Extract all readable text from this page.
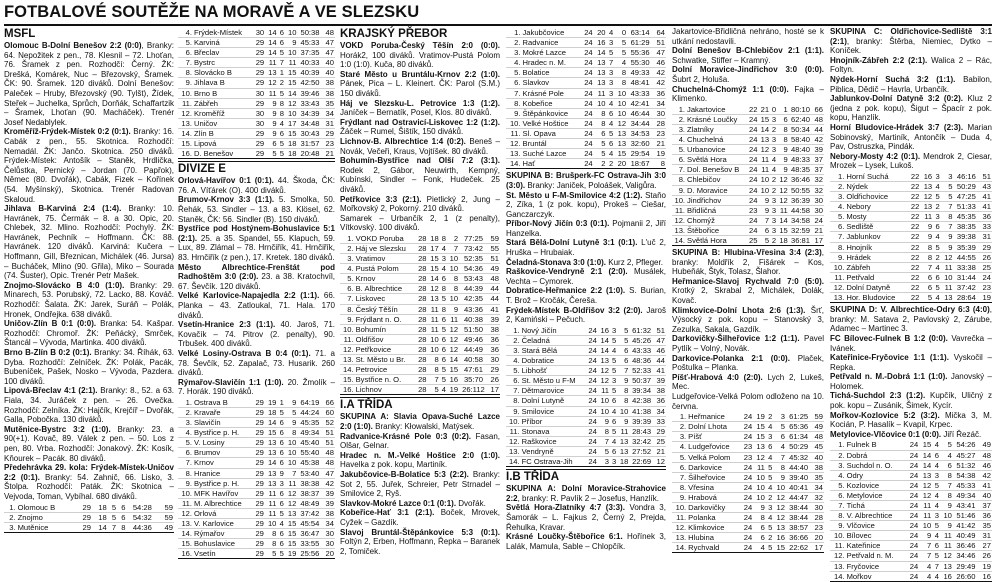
FOTBALOVÉ SOUTĚŽE NA MORAVĚ A VE SLEZSKU
MSFL

Olomouc B-Dolní Benešov 2:2 (0:0), Branky: 64. Nepožitek z pen., 78. Klesnil – 72. Lhoťan, 76. Šramek z pen. Rozhodčí: Černý. ŽK: Drešká, Komárek, Nuc – Březovský, Šramek. ČK: 90. Šramek. 120 diváků. Dolní Benešov: Paleček – Hruby, Březovský (90. Tylšt), Žídek, Steřek – Juchelka, Sprůch, Dorňák, Schaffartzik – Šramek, Lhoťan (90. Macháček). Trenér Josef Nedablylek.

Kroměříž-Frýdek-Místek 0:2 (0:1). Branky: 16. Cabák z pen., 55. Skotnica. Rozhodčí: Nemadál. ŽK: Jančo. Skotnica. 250 diváků. Frýdek-Místek: Antošík – Staněk, Hrdlička, Čelůstka, Pernický – Jordan (70. Papřok), Němec (80. Dvořák), Cabák, Fizek – Kořínek (54. Myšínský), Skotnica. Trenér Radovan Skaloud.

Jihlava B-Karviná 2:4 (1:4). Branky: 10. Havránek, 75. Čermák – 8. a 30. Opic, 20. Chlebek, 32. Mlino. Rozhodčí: Pochylý. ŽK: Havránek, Pechník – Hoffmann. ČK: 88. Havránek. 120 diváků. Karviná: Kučera – Hoffmann, Gill, Březnican, Michálek (46. Jursa) – Bucháček, Mlino (90. Gřila), Miko – Sourada (74. Šuster), Opic. Trenér Petr Mašek.

Znojmo-Slovácko B 4:0 (1:0). Branky: 29. Minarech, 53. Porubský, 72. Lacko, 88. Kováč. Rozhodčí: Šalata. ŽK: Jarek, Suráň – Polák, Hronek, Ondřejka. 638 diváků.

Uničov-Zlín B 0:1 (0:0). Branka: 54. Kašpar. Rozhodčí: Chromoř. ŽK: Peňácký, Smrček, Štancál – Vývoda, Martinka. 400 diváků.

Brno B-Zlín B 0:2 (0:1). Branky: 34. Říhák, 63. Dyba. Rozhodčí: Zelníček. ŽK: Polák, Pacák, Bubeníček, Pašek, Nosko – Vývoda, Pazdera. 100 diváků.

Lipová-Břeclav 4:1 (2:1). Branky: 8., 52. a 63. Fiala, 34. Juráček z pen. – 26. Ovečka. Rozhodčí: Zelníka. ŽK: Hajčík, Krejčíř – Dvořák, Galla, Pobočka. 130 diváků.

Mutěnice-Bystrc 3:2 (1:0). Branky: 23. a 90(+1). Kovač, 89. Válek z pen. – 50. Los z pen, 80. Vrba. Rozhodčí: Jonakový. ŽK: Kosík, Kňourek – Pacák. 80 diváků.

Předehrávka 29. kola: Frýdek-Místek-Uničov 2:2 (0:1). Branky: 54. Zahnič, 66. Lisko, 3. Štolpa. Rozhodčí: Paták. ŽK: Skotnica – Vejvoda, Toman, Vybíhal. 680 diváků.

1.	Olomouc B	29	18	5	6	54:28	59
2.	Znojmo	29	18	5	6	54:32	59
3.	Mutěnice	29	14	7	8	44:36	49
4.	Frýdek-Místek	30	14	6	10	50:38	48
5.	Karviná	29	14	6	9	45:33	47
6.	Břeclav	29	14	5	10	37:35	47
7.	Bystrc	29	11	7	11	40:33	40
8.	Slovácko B	29	13	1	15	40:39	40
9.	Jihlava B	29	12	2	15	42:50	38
10.	Brno B	30	11	5	14	39:46	38
11.	Zábřeh	29	9	8	12	33:43	35
12.	Kroměříž	30	9	8	10	34:39	34
13.	Uničov	30	9	4	17	34:48	31
14.	Zlín B	29	9	6	15	30:43	29
15.	Lipová	29	6	5	18	31:57	23
16.	D. Benešov	29	5	5	18	20:48	21
DIVIZE E

Orlová-Havířov 0:1 (0:1). 44. Škoda, ČK: 76. A. Víťárek (O). 400 diváků.

Brumov-Krnov 3:3 (1:1). 5. Smolka, 50. Řehák, 53. Sindler – 13. a 83. Klösel, 62. Staněk, ČK: 56. Sindler (B). 150 diváků.

Bystřice pod Hostýnem-Bohuslavice 5:1 (2:1). 25. a 35. Spandel, 55. Klapuch, 59. Lux, 89. Zlámal – 78. Hrnčiřík, 41. Hrnčiřík, 83. Hrnčiřík (z pen.), 17. Kretek. 180 diváků.

Město Albrechtice-Frenštát pod Radhoštěm 3:0 (2:0). 23. a 38. Kratochvíl, 67. Ševčík. 120 diváků.

Velké Karlovice-Napajedla 2:2 (1:1). 66. Planka – 43. Zatloukal, 71. Hala. 170 diváků.

Vsetín-Hranice 2:3 (1:1). 40. Jaroš, 71. Kovačík – 74. Pitrov (2. penalty), 90. Trbušek. 400 diváků.

Velké Losiny-Ostrava B 0:4 (0:1). 71. a 78. Ševčík, 52. Zapalač, 73. Husarik. 260 diváků.

Rýmařov-Slavičín 1:1 (1:0). 20. Žmolík – 7. Horák. 190 diváků.

1.	Ostrava B	29	19	1	9	64:19	66
2.	Kravaře	29	18	5	5	44:24	60
3.	Slavičín	29	14	6	9	45:35	52
4.	Bystřice p. H.	29	15	6	8	49:34	51
5.	V. Losiny	29	13	6	10	45:40	51
6.	Brumov	29	13	6	10	55:40	48
7.	Krnov	29	14	6	10	45:38	48
8.	Hranice	29	13	9	7	53:40	47
9.	Bystřice p. H.	29	13	3	11	38:38	42
10.	MFK Havířov	29	11	6	12	38:37	39
11.	M. Albrechtice	29	11	6	12	48:49	39
12.	Orlová	29	11	5	13	37:42	38
13.	V. Karlovice	29	10	4	15	45:54	34
14.	Rýmařov	29	8	6	15	36:47	30
15.	Bohuslavice	29	8	6	15	33:55	30
16.	Vsetín	29	5	5	19	25:56	20
KRAJSKÝ PŘEBOR

VOKD Poruba-Český Těšín 2:0 (0:0). Horák2, 100 diváků. Vratimov-Pustá Polom 1:0 (1:0). Kuča, 80 diváků.

Staré Město u Bruntálu-Krnov 2:2 (1:0). Pánek, Pica – L. Kleinert. ČK: Parol (S.M.) 150 diváků.

Háj ve Slezsku-L. Petrovice 1:3 (1:2). Janíček – Bernatík, Posel, Klos. 80 diváků.

Frýdlant nad Ostravicí-Liskovec 1:2 (1:2). Žáček – Rumel, Šištík, 150 diváků.

Lichnov-B. Albrechtice 1:4 (0:2). Beneš – Novák, Večeři, Kraus, Vojtíšek. 80 diváků.

Bohumín-Bystřice nad Olší 7:2 (3:1). Rodek 2, Gábor, Neuwirth, Kempný, Kubínski, Sindler – Fonk, Hudeček. 25 diváků.

Petřkovice 3:3 (2:1). Pietlický 2, Jung – Mořkovský 2, Pokorný. 210 diváků.

Samarek – Urbančík 2, 1 (z penalty), Vítkovský. 100 diváků.

1.	VOKD Poruba	28	18	8	2	77:25	59
2.	Háj ve Slezsku	28	17	4	7	73:42	55
3.	Vratimov	28	15	3	10	52:35	51
4.	Pustá Polom	28	15	4	10	54:36	49
5.	Krnov	28	14	6	8	53:43	48
6.	B. Albrechtice	28	12	8	8	44:39	44
7.	Liskovec	28	13	5	10	42:35	44
8.	Český Těšín	28	11	8	9	43:36	41
9.	Frýdlant n. O.	28	11	6	11	40:38	39
10.	Bohumín	28	11	5	12	51:50	38
11.	Oldřišov	28	10	6	12	49:46	36
12.	Petřkovice	28	10	6	12	44:49	36
13.	St. Město u Br.	28	8	6	14	40:58	30
14.	Petrovice	28	8	5	15	47:61	29
15.	Bystřice n. O.	28	7	5	16	35:70	26
16.	Lichnov	28	5	4	19	26:112	17
I.A TŘÍDA

SKUPINA A: Slavia Opava-Suché Lazce 2:0 (1:0). Branky: Kłowalski, Matýsek.

Radvanice-Krásné Pole 0:3 (0:2). Fasan, Olšar, Gelnar.

Hradec n. M.-Velké Hoštice 2:0 (1:0). Havelka z pok. kopu, Martiník.

Jakubčovice-B-Bolatice 5:3 (2:2). Branky: Sot 2, 55. Juřek, Schreier, Petr Strnadel – Smilovice 2, Ryš.

Slavkov-Mokré Lazce 0:1 (0:1). Dvořák.

Kobeřice-Hať 3:1 (2:1). Boček, Mrovek, Cyžek – Gazdík.

Slavoj Bruntál-Štěpánkovice 5:3 (0:1). Foltýn 2, Erben, Hoffmann, Řepka – Baranek 2, Tomiček.

1.	Jakubčovice	24	20	4	0	63:14	64
2.	Radvanice	24	16	3	5	61:29	51
3.	Mokré Lazce	24	14	5	5	55:36	47
4.	Hradec n. M.	24	13	7	4	55:30	46
5.	Bolatice	24	13	3	8	49:33	42
6.	Slavkov	24	13	3	8	48:41	42
7.	Krásné Pole	24	11	3	10	43:33	36
8.	Kobeřice	24	10	4	10	42:41	34
9.	Štěpánkovice	24	8	6	10	46:44	30
10.	Velké Hoštice	24	8	4	12	34:44	28
11.	Sl. Opava	24	6	5	13	34:53	23
12.	Bruntál	24	5	6	13	32:60	21
13.	Suché Lazce	24	5	4	15	29:54	19
14.	Hať	24	2	2	20	18:67	8

SKUPINA B: Brušperk-FC Ostrava-Jih 3:0 (3:0). Branky: Janiček, Poloášek, Valigůra.

St. Město u F-M-Smilovice 4:2 (1:2). Staňo 2, Zíka, 1 (z pok. kopu), Prokeš – Ciešar, Ganczarczyk.

Příbor-Nový Jičín 0:3 (0:1). Pojmanii 2, Jiří Hanzelka.

Stará Bělá-Dolní Lutyně 3:1 (0:1). L'uč 2, Hruška – Hrubaiak.

Čeladná-Stonava 3:0 (1:0). Kurz 2, Pfleger.

Raškovice-Vendryně 2:1 (2:0). Musálek, Vechta – Cymorek.

Dobratice-Heřmanice 2:2 (1:0). S. Burian, T. Brož – Kročák, Čereša.

Frýdek-Místek B-Oldřišov 3:2 (2:0). Jaroš 2, Kamiński – Pečuch.

1.	Nový Jičín	24	16	3	5	61:32	51
2.	Čeladná	24	14	5	5	45:26	47
3.	Stará Bělá	24	14	4	6	43:33	46
4.	Dobratice	24	13	5	6	48:36	44
5.	Libhošť	24	12	5	7	52:33	41
6.	St. Město u F-M	24	12	3	9	50:37	39
7.	Dětmarovice	24	11	5	8	39:34	38
8.	Dolní Lutyně	24	10	6	8	42:38	36
9.	Smilovice	24	10	4	10	41:38	34
10.	Příbor	24	9	6	9	39:39	33
11.	Stonava	24	8	5	11	28:43	29
12.	Raškovice	24	7	4	13	32:42	25
13.	Vendryně	24	5	6	13	27:52	21
14.	FC Ostrava-Jih	24	3	3	18	22:69	12
I.B TŘÍDA

SKUPINA A: Dolní Moravice-Strahovice 2:2, branky: R. Pavlík 2 – Josefus, Hanzlík.

Světlá Hora-Zlatníky 4:7 (3:3). Vondra 3, Šamorák – L. Fajkus 2, Černý 2, Prejda, Řehulka, Kravar.

Krásné Loučky-Štěbořice 6:1. Hořínek 3, Lalák, Mamula, Sable – Chlopčík.

Jakartovice-Břidličná nehráno, hosté se k utkání nedostavili.

Dolní Benešov B-Chlebičov 2:1 (1:1). Schwatke, Stiffer – Kramný.

Dolní Moravice-Jindřichov 3:0 (0:0). Šubrt 2, Holuša.

Chuchelná-Chomýž 1:1 (0:0). Fajka – Klimenko.

1.	Jakartovice	22	21	0	1	80:10	66
2.	Krásné Loučky	24	15	3	6	62:40	48
3.	Zlatníky	24	14	2	8	50:34	44
4.	Chuchelná	24	13	3	8	58:40	42
5.	Urbanovice	24	12	3	9	48:40	39
6.	Světlá Hora	24	11	4	9	48:33	37
7.	Dol. Benešov B	24	11	4	9	48:35	37
8.	Chlebičov	24	10	2	12	36:46	32
9.	D. Moravice	24	10	2	12	50:55	32
10.	Jindřichov	24	9	3	12	36:39	30
11.	Břidličná	23	9	3	11	44:58	30
12.	Chomýž	24	7	3	14	34:58	24
13.	Štěbořice	24	6	3	15	32:59	21
14.	Světlá Hora	25	5	2	18	36:81	17

SKUPINA B: Hlubina-Vřesina 3:4 (2:3), branky: Moldřík 2, Fišárek – Kos, Hubeňák, Štyk, Tolasz, Šlahor.

Heřmanice-Slavoj Rychvald 7:0 (5:0). Krotký 2, Skrabal 2, Michálek, Dolák, Kovač.

Klimkovice-Dolní Lhota 2:6 (1:3). Šrť, Výsocký z pok. kopu – Stanovský 3, Zezulka, Sakala, Gazdík.

Darkovičky-Šilheřovice 1:2 (1:1). Pavel Pytlík – Volný, Novák.

Darkovice-Polanka 2:1 (0:0). Plaček, Poštulka – Planka.

Píšť-Hrabová 4:0 (2:0). Lych 2, Lukeš, Mec.

Ludgeřovice-Velká Polom odloženo na 10. června.

1.	Heřmanice	24	19	2	3	61:25	59
2.	Dolní Lhota	24	15	4	5	65:36	49
3.	Píšť	24	15	3	6	61:34	48
4.	Ludgeřovice	23	13	6	4	50:29	45
5.	Velká Polom	23	12	4	7	45:32	40
6.	Darkovice	24	11	5	8	44:40	38
7.	Šilheřovice	24	10	5	9	39:40	35
8.	Vřesina	24	10	4	10	40:41	34
9.	Hrabová	24	10	2	12	44:47	32
10.	Darkovičky	24	9	3	12	38:44	30
11.	Polanka	24	8	4	12	38:44	28
12.	Klimkovice	24	6	5	13	38:57	23
13.	Hlubina	24	6	2	16	36:66	20
14.	Rychvald	24	4	5	15	22:62	17

SKUPINA C: Oldřichovice-Sedliště 3:1 (2:1), branky: Štěrba, Niemiec, Dytko – Koníček.

Hnojník-Zábřeh 2:2 (2:1). Walica 2 – Rác, Foltyn.

Nýdek-Horní Suchá 3:2 (1:1). Babilon, Piblica, Dědič – Havrla, Urbančík.

Jablunkov-Dolní Datyně 3:2 (0:2). Kluz 2 (jedna z pok. kopu), Šigut – Špacír z pok. kopu, Hanzlík.

Horní Bludovice-Hrádek 3:7 (2:3). Marian Sobinovský, Martiník, Antončík – Duda 4, Pav, Ostruszka, Pindák.

Nebory-Mosty 4:2 (0:1). Mendrok 2, Ciesar, Mrozek – Lysek, Lukoš.

1.	Horní Suchá	22	16	3	3	46:16	51
2.	Nýdek	22	13	4	5	50:29	43
3.	Oldřichovice	22	12	5	5	47:25	41
4.	Nebory	22	13	2	7	51:33	41
5.	Mosty	22	11	3	8	45:35	36
6.	Sedliště	22	9	6	7	38:35	33
7.	Jablunkov	22	9	4	9	39:38	31
8.	Hnojník	22	8	5	9	35:39	29
9.	Hrádek	22	8	2	12	44:55	26
10.	Zábřeh	22	7	4	11	33:38	25
11.	Petřvald	22	6	6	10	31:44	24
12.	Dolní Datyně	22	6	5	11	37:42	23
13.	Hor. Bludovice	22	5	4	13	28:64	19

SKUPINA D: V. Albrechtice-Odry 6:3 (4:0), branky: M. Satava 2, Pavlovský 2, Zárube, Adamec – Martinec 3.

FC Bílovec-Fulnek B 1:2 (0:0). Vavrečka – Ivánek.

Kateřinice-Fryčovice 1:1 (1:1). Vyskočil – Repka.

Petřvald n. M.-Dobrá 1:1 (1:0). Janovský – Holomek.

Tichá-Suchdol 2:3 (1:2). Kupčík, Uličný z pok. kopu – Zusánik, Šimek, Kycír.

Mořkov-Kozlovice 5:2 (3:2). Mička 3, M. Kocián, P. Hasalík – Kvapil, Krpec.

Metylovice-Vlčovice 0:1 (0:0). Jiří Řezáč.

1.	Fulnek B	24	15	4	5	54:26	49
2.	Dobrá	24	14	6	4	45:27	48
3.	Suchdol n. O.	24	14	4	6	51:32	46
4.	Odry	24	13	3	8	54:38	42
5.	Kozlovice	24	12	5	7	45:33	41
6.	Metylovice	24	12	4	8	49:34	40
7.	Tichá	24	11	4	9	43:41	37
8.	V. Albrechtice	24	11	3	10	51:46	36
9.	Vlčovice	24	10	5	9	41:42	35
10.	Bílovec	24	9	4	11	40:49	31
11.	Kateřinice	24	7	6	11	36:46	27
12.	Petřvald n. M.	24	7	5	12	34:46	26
13.	Fryčovice	24	4	7	13	29:49	19
14.	Mořkov	24	4	4	16	26:60	16
